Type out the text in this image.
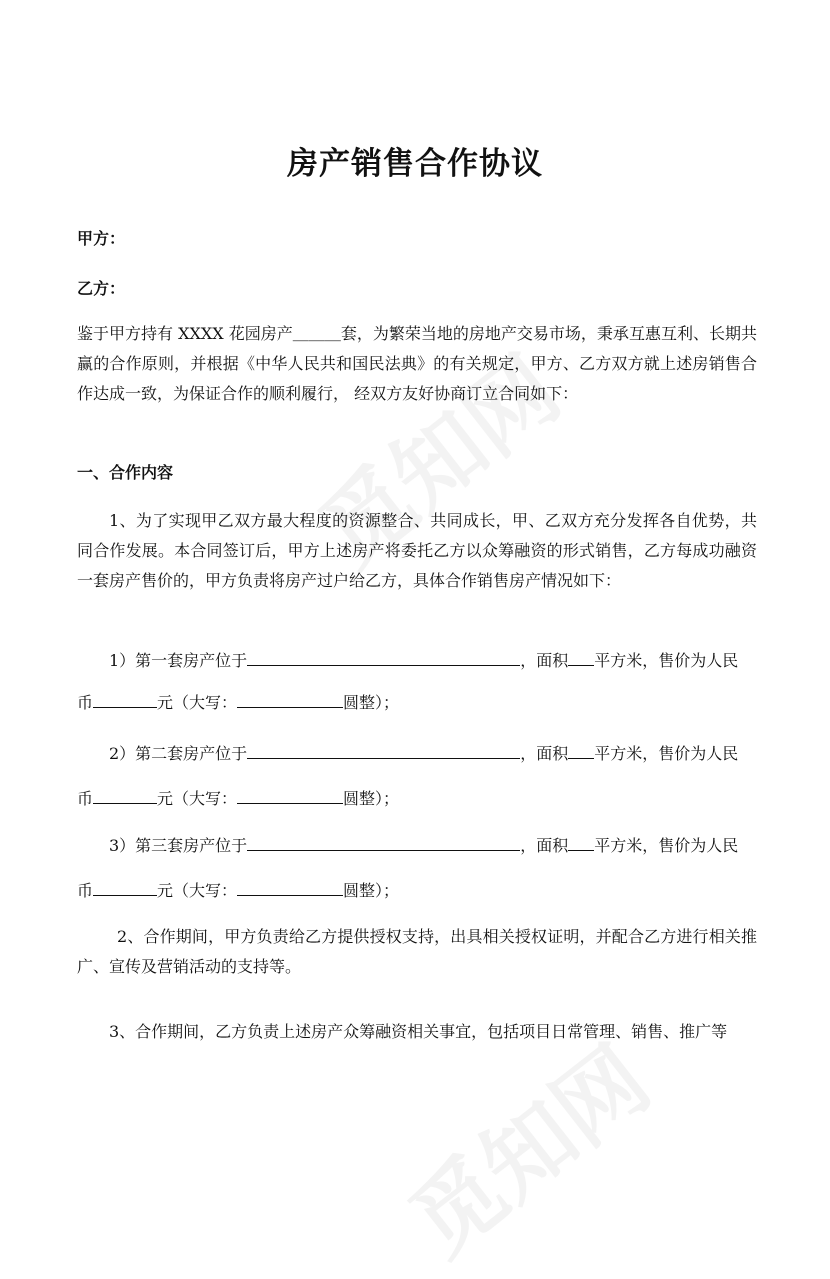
房产销售合作协议
甲方：
乙方：
鉴于甲方持有 XXXX 花园房产＿＿＿套，为繁荣当地的房地产交易市场，秉承互惠互利、长期共赢的合作原则，并根据《中华人民共和国民法典》的有关规定，甲方、乙方双方就上述房销售合作达成一致，为保证合作的顺利履行， 经双方友好协商订立合同如下：
一、合作内容
1、为了实现甲乙双方最大程度的资源整合、共同成长，甲、乙双方充分发挥各自优势，共同合作发展。本合同签订后，甲方上述房产将委托乙方以众筹融资的形式销售，乙方每成功融资一套房产售价的，甲方负责将房产过户给乙方，具体合作销售房产情况如下：
1）第一套房产位于	，面积 平方米，售价为人民
币	元（大写：	圆整）；
2）第二套房产位于	，面积 平方米，售价为人民
币	元（大写：	圆整）；
3）第三套房产位于	，面积 平方米，售价为人民
币	元（大写：	圆整）；
2、合作期间，甲方负责给乙方提供授权支持，出具相关授权证明，并配合乙方进行相关推广、宣传及营销活动的支持等。
3、合作期间，乙方负责上述房产众筹融资相关事宜，包括项目日常管理、销售、推广等
